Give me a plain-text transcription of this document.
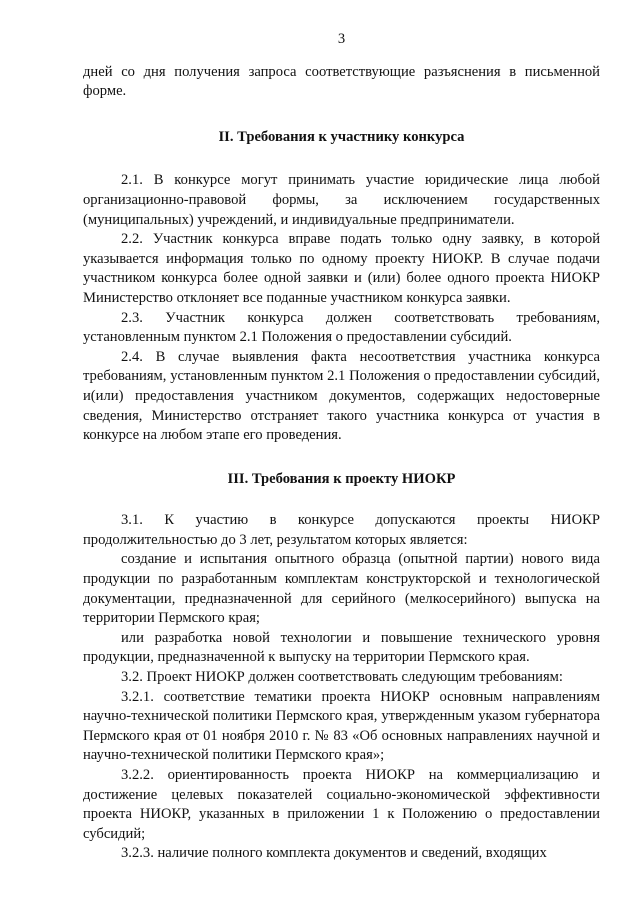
3

дней со дня получения запроса соответствующие разъяснения в письменной форме.

II. Требования к участнику конкурса

2.1. В конкурсе могут принимать участие юридические лица любой организационно-правовой формы, за исключением государственных (муниципальных) учреждений, и индивидуальные предприниматели.

2.2. Участник конкурса вправе подать только одну заявку, в которой указывается информация только по одному проекту НИОКР. В случае подачи участником конкурса более одной заявки и (или) более одного проекта НИОКР Министерство отклоняет все поданные участником конкурса заявки.

2.3. Участник конкурса должен соответствовать требованиям, установленным пунктом 2.1 Положения о предоставлении субсидий.

2.4. В случае выявления факта несоответствия участника конкурса требованиям, установленным пунктом 2.1 Положения о предоставлении субсидий, и(или) предоставления участником документов, содержащих недостоверные сведения, Министерство отстраняет такого участника конкурса от участия в конкурсе на любом этапе его проведения.

III. Требования к проекту НИОКР

3.1. К участию в конкурсе допускаются проекты НИОКР продолжительностью до 3 лет, результатом которых является:

создание и испытания опытного образца (опытной партии) нового вида продукции по разработанным комплектам конструкторской и технологической документации, предназначенной для серийного (мелкосерийного) выпуска на территории Пермского края;

или разработка новой технологии и повышение технического уровня продукции, предназначенной к выпуску на территории Пермского края.

3.2. Проект НИОКР должен соответствовать следующим требованиям:

3.2.1. соответствие тематики проекта НИОКР основным направлениям научно-технической политики Пермского края, утвержденным указом губернатора Пермского края от 01 ноября 2010 г. № 83 «Об основных направлениях научной и научно-технической политики Пермского края»;

3.2.2. ориентированность проекта НИОКР на коммерциализацию и достижение целевых показателей социально-экономической эффективности проекта НИОКР, указанных в приложении 1 к Положению о предоставлении субсидий;

3.2.3. наличие полного комплекта документов и сведений, входящих
